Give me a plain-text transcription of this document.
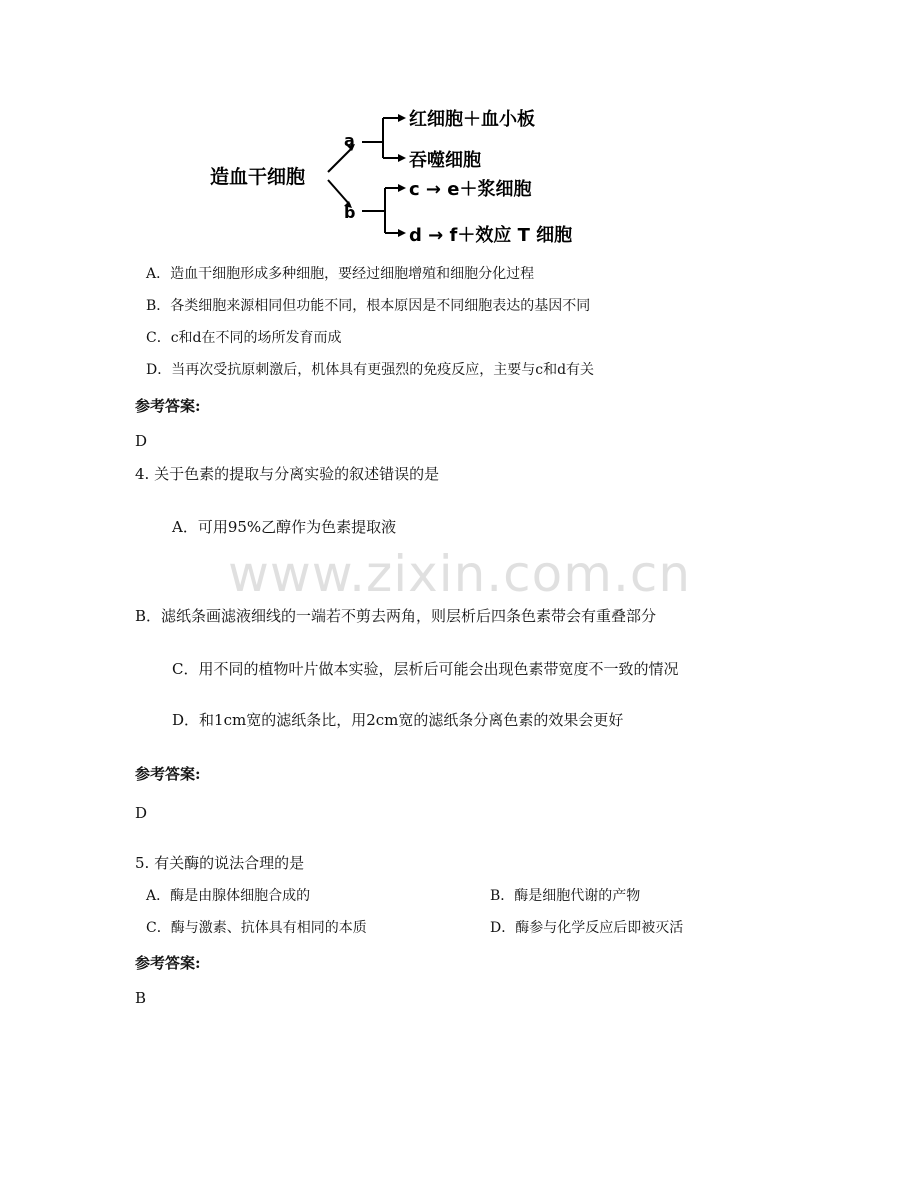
造血干细胞
a
b
红细胞＋血小板
吞噬细胞
c → e＋浆细胞
d → f＋效应 T 细胞
A．造血干细胞形成多种细胞，要经过细胞增殖和细胞分化过程
B．各类细胞来源相同但功能不同，根本原因是不同细胞表达的基因不同
C．c和d在不同的场所发育而成
D．当再次受抗原刺激后，机体具有更强烈的免疫反应，主要与c和d有关
参考答案:
D
4. 关于色素的提取与分离实验的叙述错误的是
A．可用95%乙醇作为色素提取液
B．滤纸条画滤液细线的一端若不剪去两角，则层析后四条色素带会有重叠部分
C．用不同的植物叶片做本实验，层析后可能会出现色素带宽度不一致的情况
D．和1cm宽的滤纸条比，用2cm宽的滤纸条分离色素的效果会更好
参考答案:
D
5. 有关酶的说法合理的是
A．酶是由腺体细胞合成的	B．酶是细胞代谢的产物
C．酶与激素、抗体具有相同的本质	D．酶参与化学反应后即被灭活
参考答案:
B
www.zixin.com.cn
